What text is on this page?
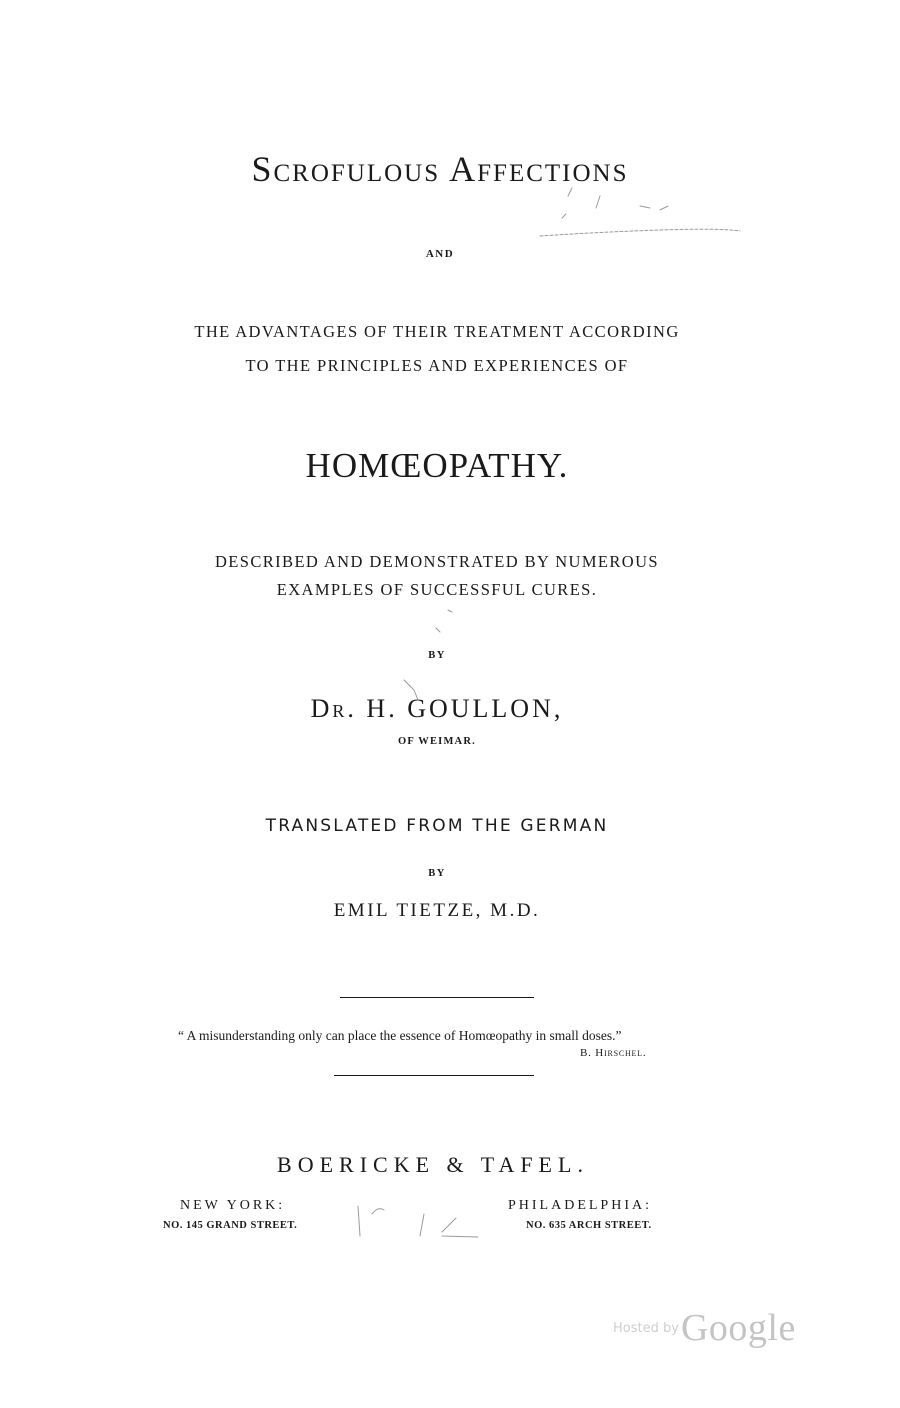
Scrofulous Affections
AND
THE ADVANTAGES OF THEIR TREATMENT ACCORDING
TO THE PRINCIPLES AND EXPERIENCES OF
HOMŒOPATHY.
DESCRIBED AND DEMONSTRATED BY NUMEROUS
EXAMPLES OF SUCCESSFUL CURES.
BY
Dr. H. GOULLON,
OF WEIMAR.
TRANSLATED FROM THE GERMAN
BY
EMIL TIETZE, M.D.
“ A misunderstanding only can place the essence of Homœopathy in small doses.”
B. Hirschel.
BOERICKE & TAFEL.
NEW YORK:
NO. 145 GRAND STREET.
PHILADELPHIA:
NO. 635 ARCH STREET.
Hosted byGoogle
